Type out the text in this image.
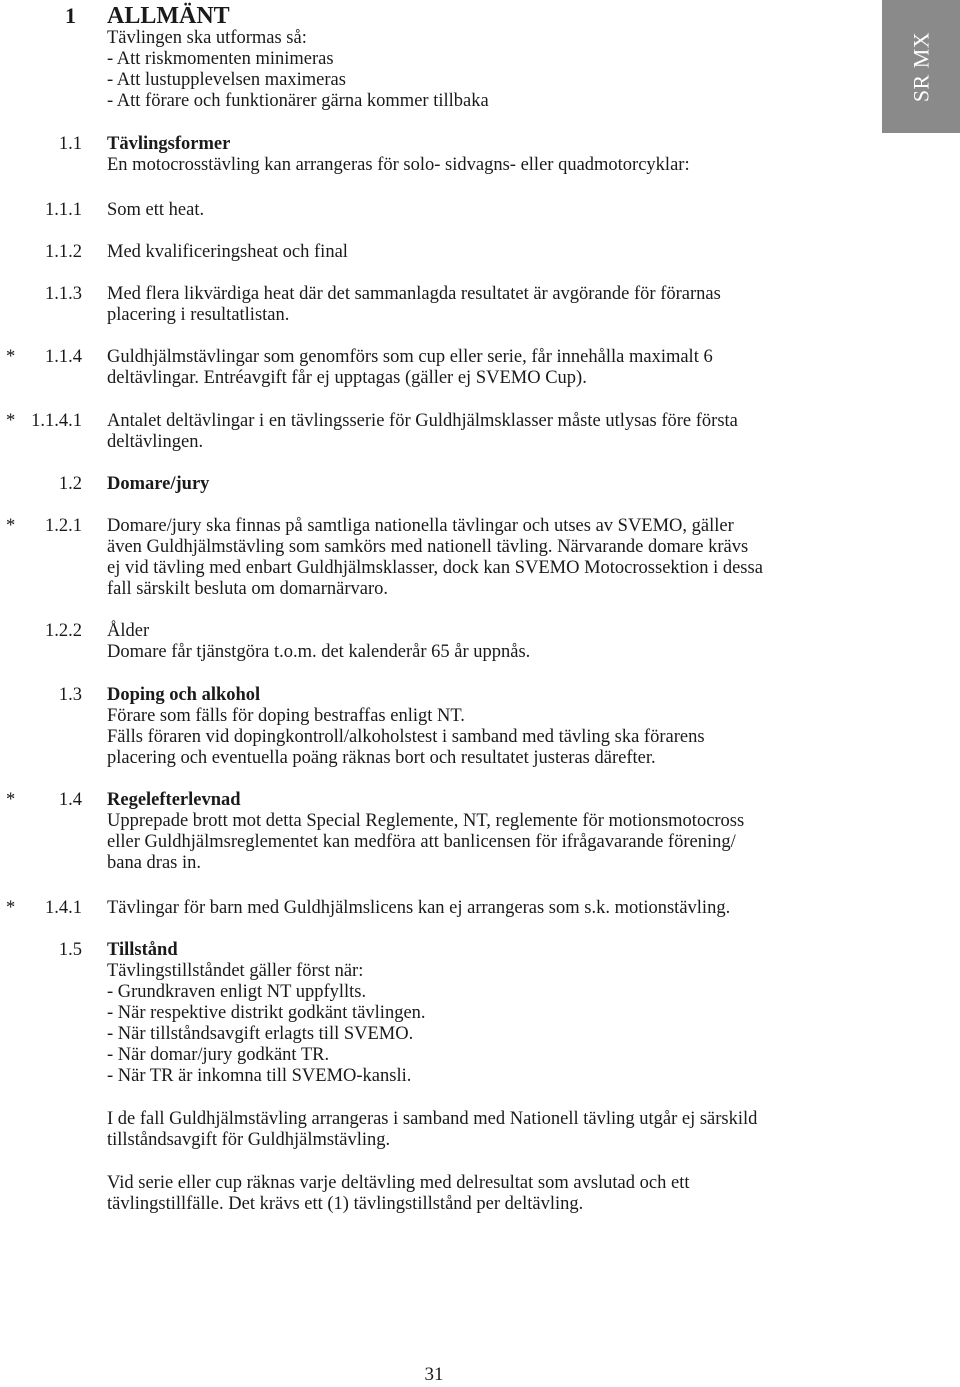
SR MX
1 ALLMÄNT
Tävlingen ska utformas så:
- Att riskmomenten minimeras
- Att lustupplevelsen maximeras
- Att förare och funktionärer gärna kommer tillbaka
1.1 Tävlingsformer
En motocrosstävling kan arrangeras för solo- sidvagns- eller quadmotorcyklar:
1.1.1 Som ett heat.
1.1.2 Med kvalificeringsheat och final
1.1.3 Med flera likvärdiga heat där det sammanlagda resultatet är avgörande för förarnas
placering i resultatlistan.
*	1.1.4 Guldhjälmstävlingar som genomförs som cup eller serie, får innehålla maximalt 6
deltävlingar. Entréavgift får ej upptagas (gäller ej SVEMO Cup).
* 1.1.4.1 Antalet deltävlingar i en tävlingsserie för Guldhjälmsklasser måste utlysas före första
deltävlingen.
1.2 Domare/jury
*	1.2.1 Domare/jury ska finnas på samtliga nationella tävlingar och utses av SVEMO, gäller
även Guldhjälmstävling som samkörs med nationell tävling. Närvarande domare krävs
ej vid tävling med enbart Guldhjälmsklasser, dock kan SVEMO Motocrossektion i dessa
fall särskilt besluta om domarnärvaro.
1.2.2 Ålder
Domare får tjänstgöra t.o.m. det kalenderår 65 år uppnås.
1.3 Doping och alkohol
Förare som fälls för doping bestraffas enligt NT.
Fälls föraren vid dopingkontroll/alkoholstest i samband med tävling ska förarens
placering och eventuella poäng räknas bort och resultatet justeras därefter.
*	1.4 Regelefterlevnad
Upprepade brott mot detta Special Reglemente, NT, reglemente för motionsmotocross
eller Guldhjälmsreglementet kan medföra att banlicensen för ifrågavarande förening/
bana dras in.
*	1.4.1 Tävlingar för barn med Guldhjälmslicens kan ej arrangeras som s.k. motionstävling.
1.5 Tillstånd
Tävlingstillståndet gäller först när:
- Grundkraven enligt NT uppfyllts.
- När respektive distrikt godkänt tävlingen.
- När tillståndsavgift erlagts till SVEMO.
- När domar/jury godkänt TR.
- När TR är inkomna till SVEMO-kansli.
I de fall Guldhjälmstävling arrangeras i samband med Nationell tävling utgår ej särskild
tillståndsavgift för Guldhjälmstävling.
Vid serie eller cup räknas varje deltävling med delresultat som avslutad och ett
tävlingstillfälle. Det krävs ett (1) tävlingstillstånd per deltävling.
31
